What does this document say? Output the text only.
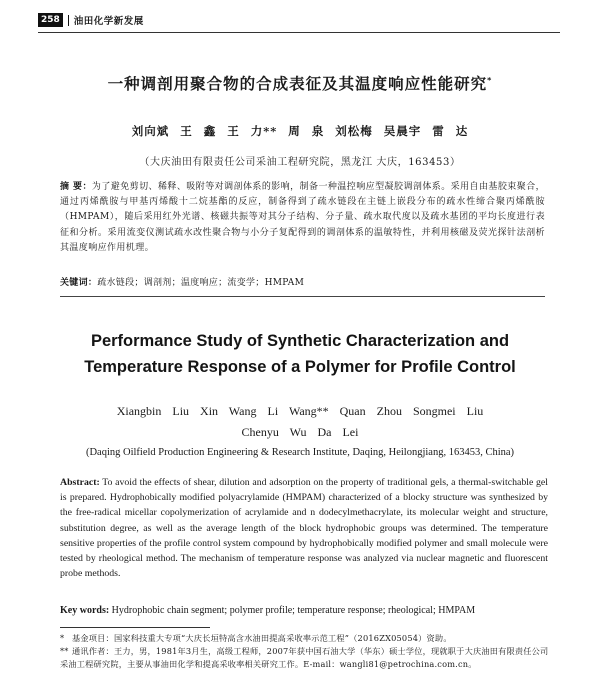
258	油田化学新发展
一种调剖用聚合物的合成表征及其温度响应性能研究*
刘向斌 王 鑫 王 力** 周 泉 刘松梅 吴晨宇 雷 达
（大庆油田有限责任公司采油工程研究院，黑龙江 大庆，163453）
摘 要：为了避免剪切、稀释、吸附等对调剖体系的影响，制备一种温控响应型凝胶调剖体系。采用自由基胶束聚合，通过丙烯酰胺与甲基丙烯酸十二烷基酯的反应，制备得到了疏水链段在主链上嵌段分布的疏水性缔合聚丙烯酰胺（HMPAM），随后采用红外光谱、核磁共振等对其分子结构、分子量、疏水取代度以及疏水基团的平均长度进行表征和分析。采用流变仪测试疏水改性聚合物与小分子复配得到的调剖体系的温敏特性，并利用核磁及荧光探针法剖析其温度响应作用机理。
关键词：疏水链段；调剖剂；温度响应；流变学；HMPAM
Performance Study of Synthetic Characterization and
Temperature Response of a Polymer for Profile Control
Xiangbin Liu Xin Wang Li Wang** Quan Zhou Songmei Liu
Chenyu Wu Da Lei
(Daqing Oilfield Production Engineering & Research Institute, Daqing, Heilongjiang, 163453, China)
Abstract: To avoid the effects of shear, dilution and adsorption on the property of traditional gels, a thermal-switchable gel is prepared. Hydrophobically modified polyacrylamide (HMPAM) characterized of a blocky structure was synthesized by the free-radical micellar copolymerization of acrylamide and n dodecylmethacrylate, its molecular weight and structure, substitution degree, as well as the average length of the block hydrophobic groups was determined. The temperature sensitive properties of the profile control system compound by hydrophobically modified polymer and small molecule were tested by rheological method. The mechanism of temperature response was analyzed via nuclear magnetic and fluorescent probe methods.
Key words: Hydrophobic chain segment; polymer profile; temperature response; rheological; HMPAM
* 基金项目：国家科技重大专项“大庆长垣特高含水油田提高采收率示范工程”（2016ZX05054）资助。
** 通讯作者：王力，男，1981年3月生，高级工程师，2007年获中国石油大学（华东）硕士学位，现就职于大庆油田有限责任公司采油工程研究院，主要从事油田化学和提高采收率相关研究工作。E-mail：wangli81@petrochina.com.cn。
